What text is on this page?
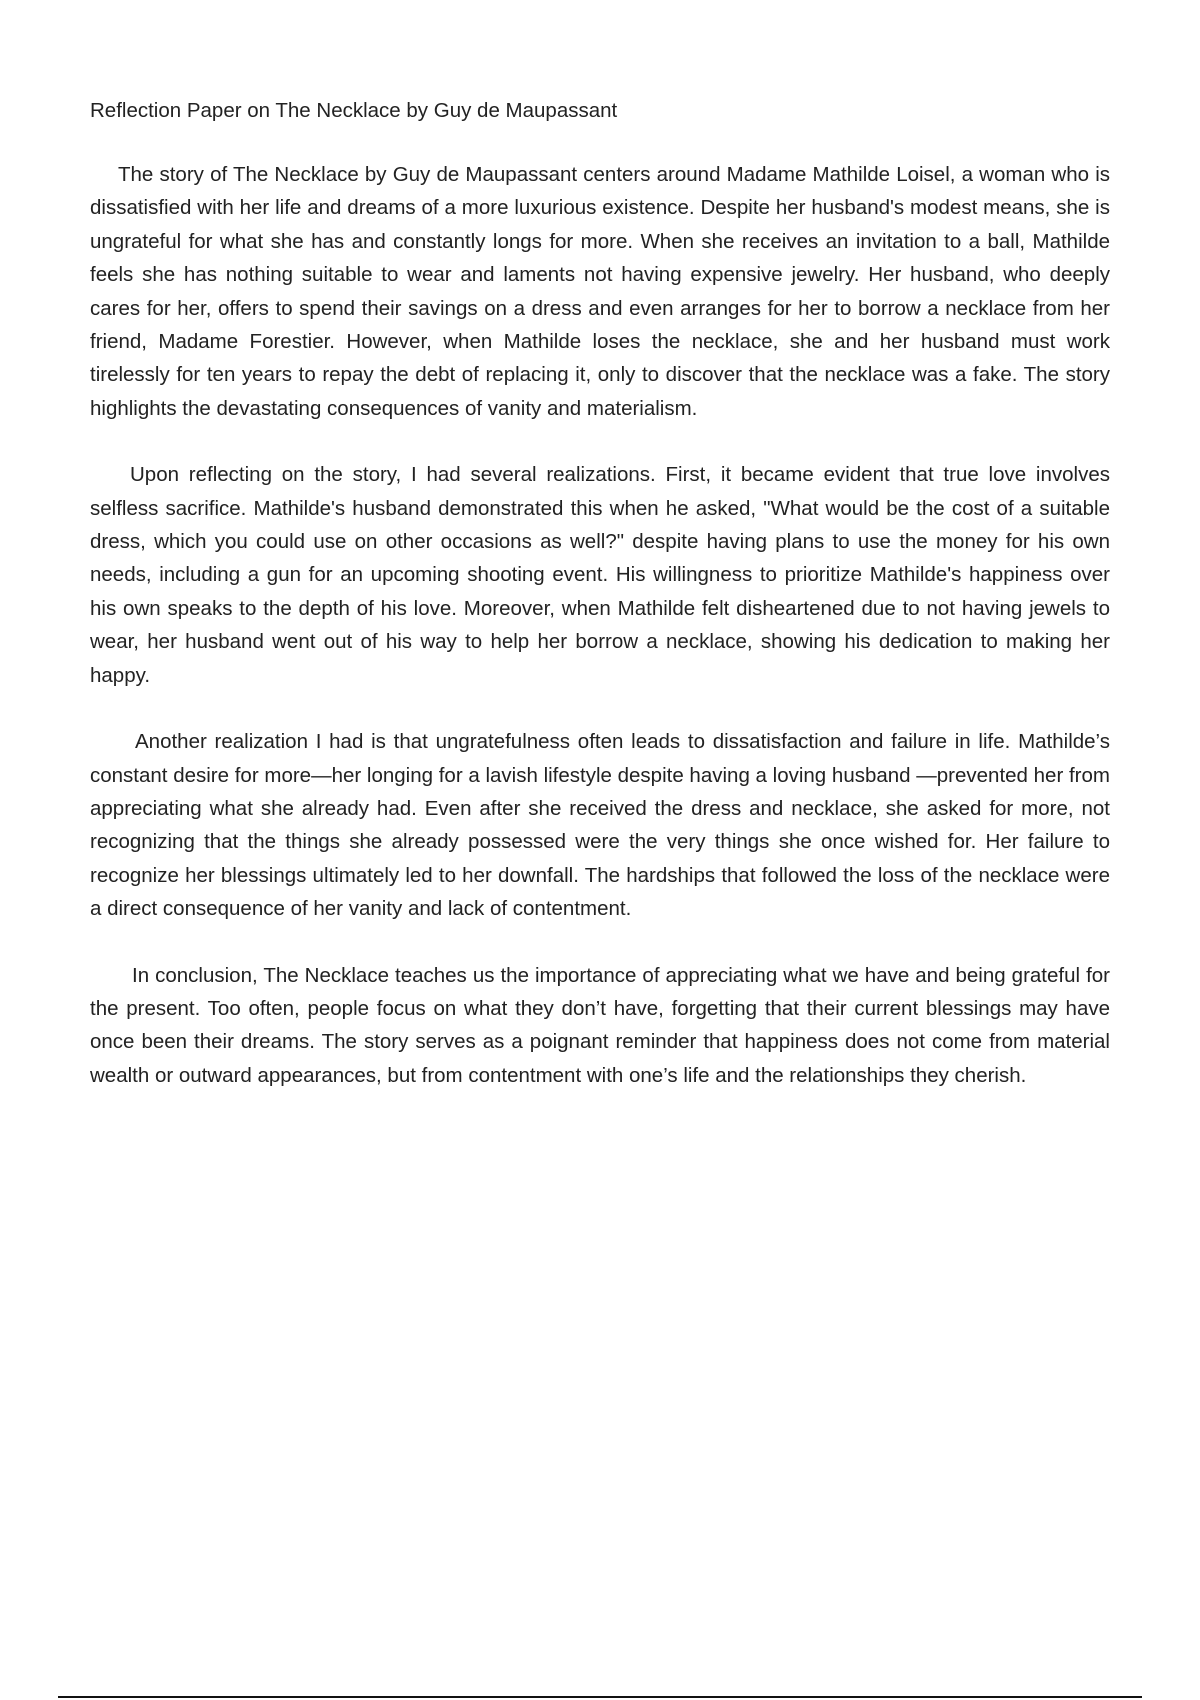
Reflection Paper on The Necklace by Guy de Maupassant

The story of The Necklace by Guy de Maupassant centers around Madame Mathilde Loisel, a woman who is dissatisfied with her life and dreams of a more luxurious existence. Despite her husband's modest means, she is ungrateful for what she has and constantly longs for more. When she receives an invitation to a ball, Mathilde feels she has nothing suitable to wear and laments not having expensive jewelry. Her husband, who deeply cares for her, offers to spend their savings on a dress and even arranges for her to borrow a necklace from her friend, Madame Forestier. However, when Mathilde loses the necklace, she and her husband must work tirelessly for ten years to repay the debt of replacing it, only to discover that the necklace was a fake. The story highlights the devastating consequences of vanity and materialism.

Upon reflecting on the story, I had several realizations. First, it became evident that true love involves selfless sacrifice. Mathilde's husband demonstrated this when he asked, "What would be the cost of a suitable dress, which you could use on other occasions as well?" despite having plans to use the money for his own needs, including a gun for an upcoming shooting event. His willingness to prioritize Mathilde's happiness over his own speaks to the depth of his love. Moreover, when Mathilde felt disheartened due to not having jewels to wear, her husband went out of his way to help her borrow a necklace, showing his dedication to making her happy.

Another realization I had is that ungratefulness often leads to dissatisfaction and failure in life. Mathilde’s constant desire for more—her longing for a lavish lifestyle despite having a loving husband —prevented her from appreciating what she already had. Even after she received the dress and necklace, she asked for more, not recognizing that the things she already possessed were the very things she once wished for. Her failure to recognize her blessings ultimately led to her downfall. The hardships that followed the loss of the necklace were a direct consequence of her vanity and lack of contentment.

In conclusion, The Necklace teaches us the importance of appreciating what we have and being grateful for the present. Too often, people focus on what they don’t have, forgetting that their current blessings may have once been their dreams. The story serves as a poignant reminder that happiness does not come from material wealth or outward appearances, but from contentment with one’s life and the relationships they cherish.
